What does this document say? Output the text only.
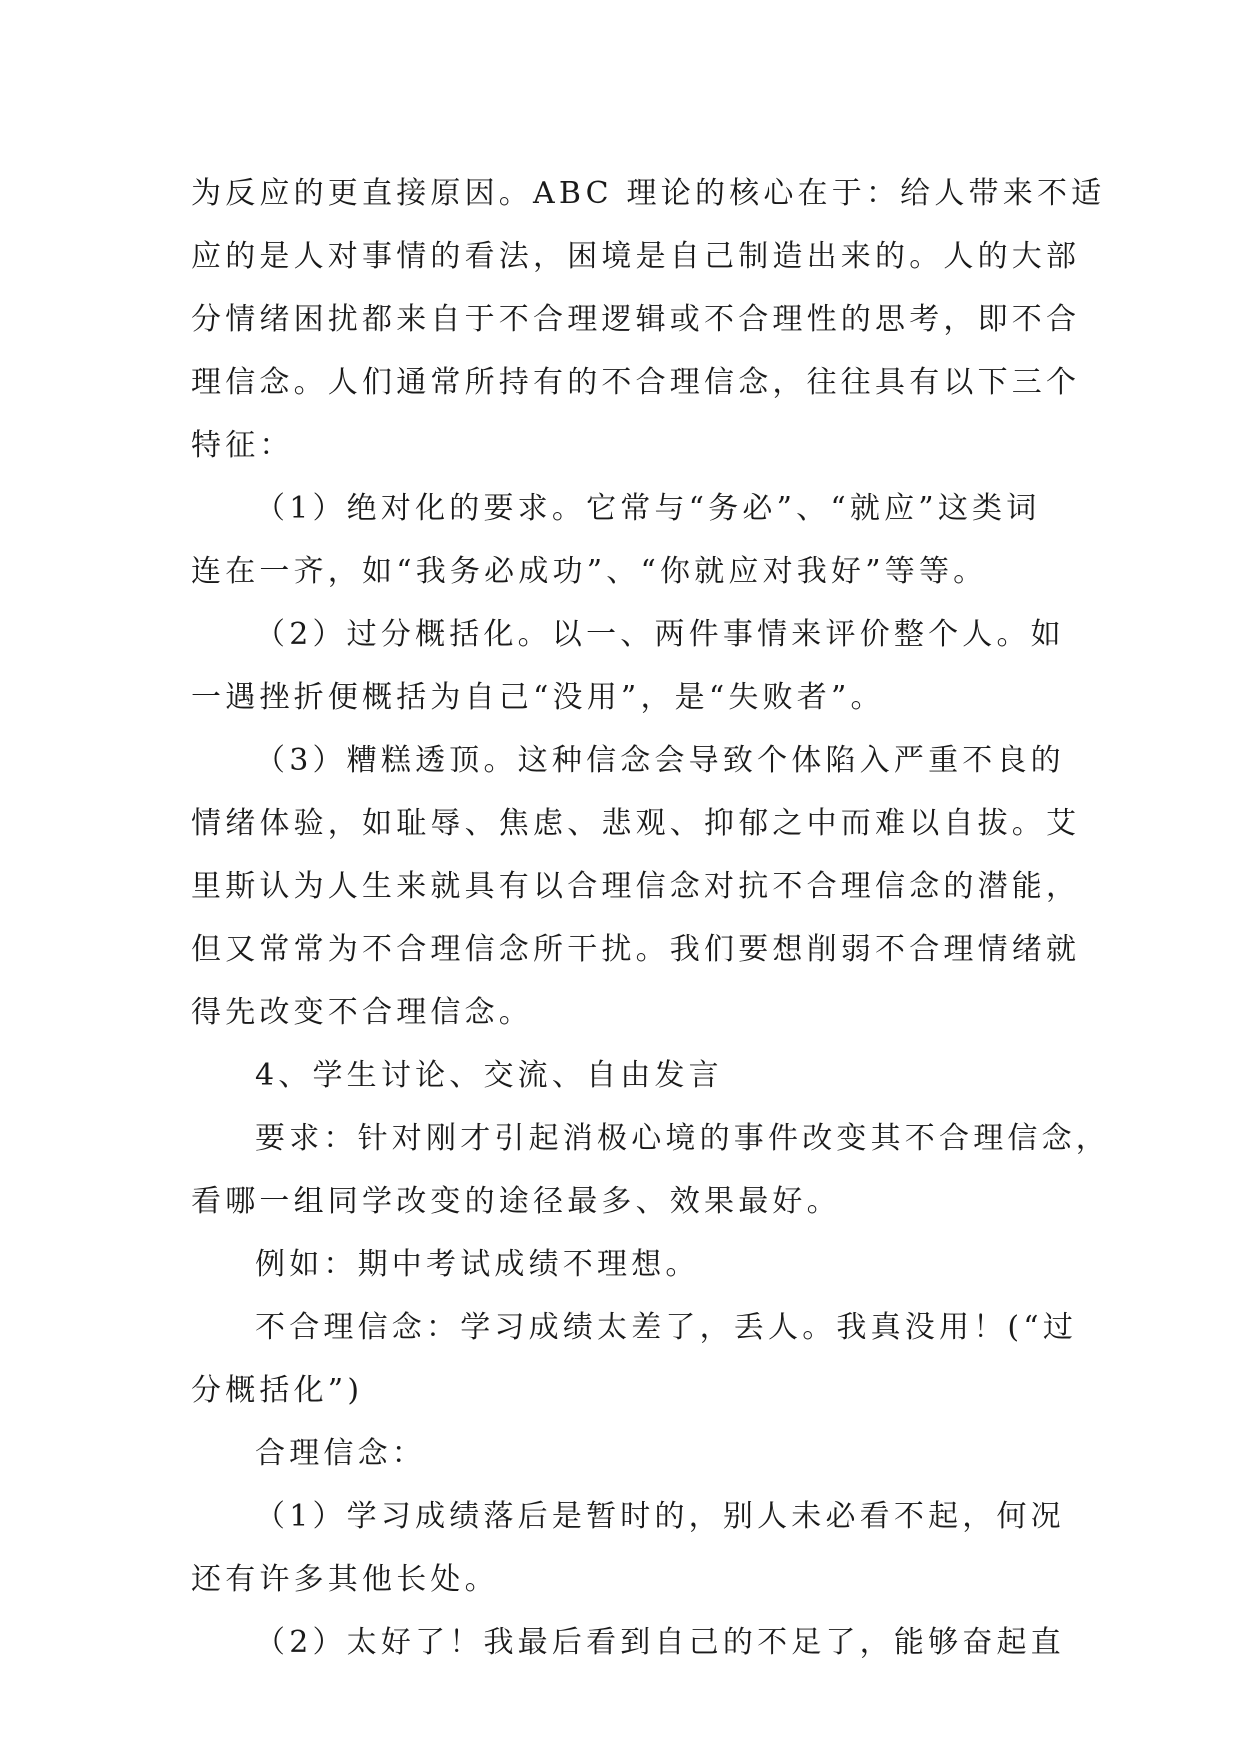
为反应的更直接原因。ABC 理论的核心在于：给人带来不适
应的是人对事情的看法，困境是自己制造出来的。人的大部
分情绪困扰都来自于不合理逻辑或不合理性的思考，即不合
理信念。人们通常所持有的不合理信念，往往具有以下三个
特征：
（1）绝对化的要求。它常与“务必”、“就应”这类词
连在一齐，如“我务必成功”、“你就应对我好”等等。
（2）过分概括化。以一、两件事情来评价整个人。如
一遇挫折便概括为自己“没用”，是“失败者”。
（3）糟糕透顶。这种信念会导致个体陷入严重不良的
情绪体验，如耻辱、焦虑、悲观、抑郁之中而难以自拔。艾
里斯认为人生来就具有以合理信念对抗不合理信念的潜能，
但又常常为不合理信念所干扰。我们要想削弱不合理情绪就
得先改变不合理信念。
4、学生讨论、交流、自由发言
要求：针对刚才引起消极心境的事件改变其不合理信念，
看哪一组同学改变的途径最多、效果最好。
例如：期中考试成绩不理想。
不合理信念：学习成绩太差了，丢人。我真没用！(“过
分概括化”)
合理信念：
（1）学习成绩落后是暂时的，别人未必看不起，何况
还有许多其他长处。
（2）太好了！我最后看到自己的不足了，能够奋起直
